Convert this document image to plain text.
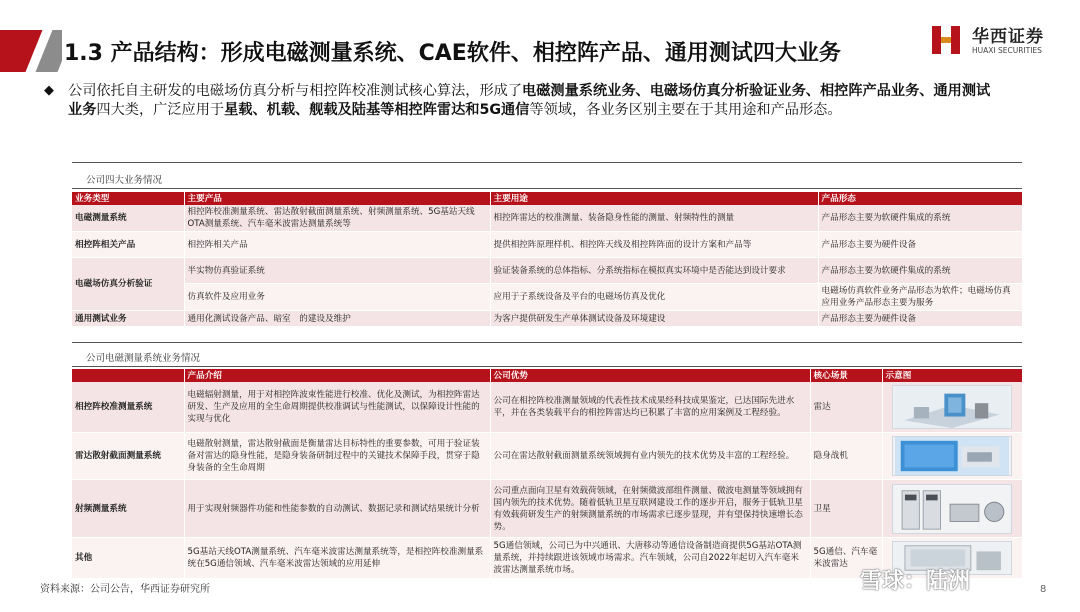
1.3 产品结构：形成电磁测量系统、CAE软件、相控阵产品、通用测试四大业务
华西证券
HUAXI SECURITIES
◆ 公司依托自主研发的电磁场仿真分析与相控阵校准测试核心算法，形成了电磁测量系统业务、电磁场仿真分析验证业务、相控阵产品业务、通用测试业务四大类，广泛应用于星载、机载、舰载及陆基等相控阵雷达和5G通信等领域，各业务区别主要在于其用途和产品形态。
公司四大业务情况
业务类型	主要产品	主要用途	产品形态
电磁测量系统	相控阵校准测量系统、雷达散射截面测量系统、射频测量系统、5G基站天线OTA测量系统、汽车毫米波雷达测量系统等	相控阵雷达的校准测量、装备隐身性能的测量、射频特性的测量	产品形态主要为软硬件集成的系统
相控阵相关产品	相控阵相关产品	提供相控阵原理样机、相控阵天线及相控阵阵面的设计方案和产品等	产品形态主要为硬件设备
电磁场仿真分析验证	半实物仿真验证系统	验证装备系统的总体指标、分系统指标在模拟真实环境中是否能达到设计要求	产品形态主要为软硬件集成的系统
	仿真软件及应用业务	应用于子系统设备及平台的电磁场仿真及优化	电磁场仿真软件业务产品形态为软件；电磁场仿真应用业务产品形态主要为服务
通用测试业务	通用化测试设备产品、暗室　的建设及维护	为客户提供研发生产单体测试设备及环境建设	产品形态主要为硬件设备
公司电磁测量系统业务情况
	产品介绍	公司优势	核心场景	示意图
相控阵校准测量系统	电磁辐射测量，用于对相控阵波束性能进行校准、优化及测试，为相控阵雷达研发、生产及应用的全生命周期提供校准调试与性能测试，以保障设计性能的实现与优化	公司在相控阵校准测量领域的代表性技术成果经科技成果鉴定，已达国际先进水平，并在各类装载平台的相控阵雷达均已积累了丰富的应用案例及工程经验。	雷达	

雷达散射截面测量系统	电磁散射测量，雷达散射截面是衡量雷达目标特性的重要参数，可用于验证装备对雷达的隐身性能，是隐身装备研制过程中的关键技术保障手段，贯穿于隐身装备的全生命周期	公司在雷达散射截面测量系统领域拥有业内领先的技术优势及丰富的工程经验。	隐身战机	

射频测量系统	用于实现射频器件功能和性能参数的自动测试、数据记录和测试结果统计分析	公司重点面向卫星有效载荷领域，在射频微波部组件测量、微波电测量等领域拥有国内领先的技术优势。随着低轨卫星互联网建设工作的逐步开启，服务于低轨卫星有效载荷研发生产的射频测量系统的市场需求已逐步显现，并有望保持快速增长态势。	卫星	

其他	5G基站天线OTA测量系统、汽车毫米波雷达测量系统等，是相控阵校准测量系统在5G通信领域、汽车毫米波雷达领域的应用延伸	5G通信领域，公司已为中兴通讯、大唐移动等通信设备制造商提供5G基站OTA测量系统，并持续跟进该领域市场需求。汽车领域，公司自2022年起切入汽车毫米波雷达测量系统市场。	5G通信、汽车毫米波雷达	
资料来源：公司公告，华西证券研究所	雪球：陆洲	8
